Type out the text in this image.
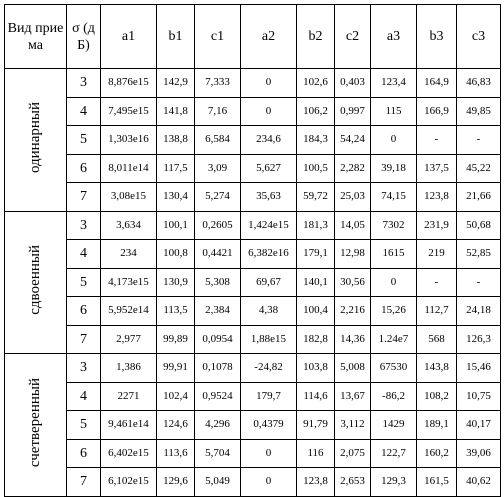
Вид приема	σ (дБ)	a1	b1	c1	a2	b2	c2	a3	b3	c3
одинарный	3	8,876e15	142,9	7,333	0	102,6	0,403	123,4	164,9	46,83

	4	7,495e15	141,8	7,16	0	106,2	0,997	115	166,9	49,85

	5	1,303e16	138,8	6,584	234,6	184,3	54,24	0	-	-

	6	8,011e14	117,5	3,09	5,627	100,5	2,282	39,18	137,5	45,22

	7	3,08e15	130,4	5,274	35,63	59,72	25,03	74,15	123,8	21,66

сдвоенный	3	3,634	100,1	0,2605	1,424e15	181,3	14,05	7302	231,9	50,68

	4	234	100,8	0,4421	6,382e16	179,1	12,98	1615	219	52,85

	5	4,173e15	130,9	5,308	69,67	140,1	30,56	0	-	-

	6	5,952e14	113,5	2,384	4,38	100,4	2,216	15,26	112,7	24,18

	7	2,977	99,89	0,0954	1,88e15	182,8	14,36	1.24e7	568	126,3

счетверенный	3	1,386	99,91	0,1078	-24,82	103,8	5,008	67530	143,8	15,46

	4	2271	102,4	0,9524	179,7	114,6	13,67	-86,2	108,2	10,75

	5	9,461e14	124,6	4,296	0,4379	91,79	3,112	1429	189,1	40,17

	6	6,402e15	113,6	5,704	0	116	2,075	122,7	160,2	39,06

	7	6,102e15	129,6	5,049	0	123,8	2,653	129,3	161,5	40,62
